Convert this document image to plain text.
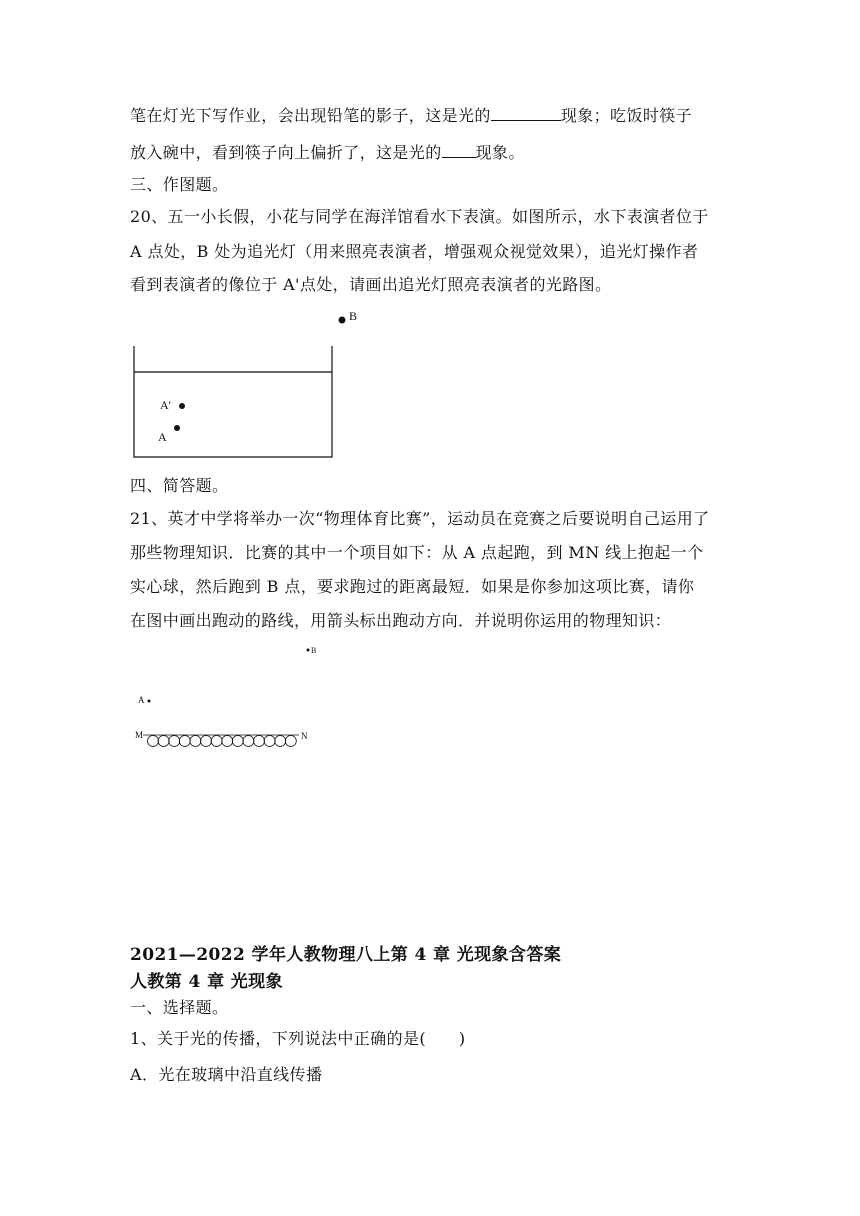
笔在灯光下写作业，会出现铅笔的影子，这是光的	现象；吃饭时筷子
放入碗中，看到筷子向上偏折了，这是光的 现象。
三、作图题。
20、五一小长假，小花与同学在海洋馆看水下表演。如图所示，水下表演者位于
A 点处，B 处为追光灯（用来照亮表演者，增强观众视觉效果），追光灯操作者
看到表演者的像位于 A'点处，请画出追光灯照亮表演者的光路图。
B
A'
A
四、简答题。
21、英才中学将举办一次“物理体育比赛”，运动员在竞赛之后要说明自己运用了
那些物理知识．比赛的其中一个项目如下：从 A 点起跑，到 MN 线上抱起一个
实心球，然后跑到 B 点，要求跑过的距离最短．如果是你参加这项比赛，请你
在图中画出跑动的路线，用箭头标出跑动方向．并说明你运用的物理知识：
B
A
M	N
2021—2022 学年人教物理八上第 4 章 光现象含答案
人教第 4 章 光现象
一、选择题。
1、关于光的传播，下列说法中正确的是(　　)
A．光在玻璃中沿直线传播
